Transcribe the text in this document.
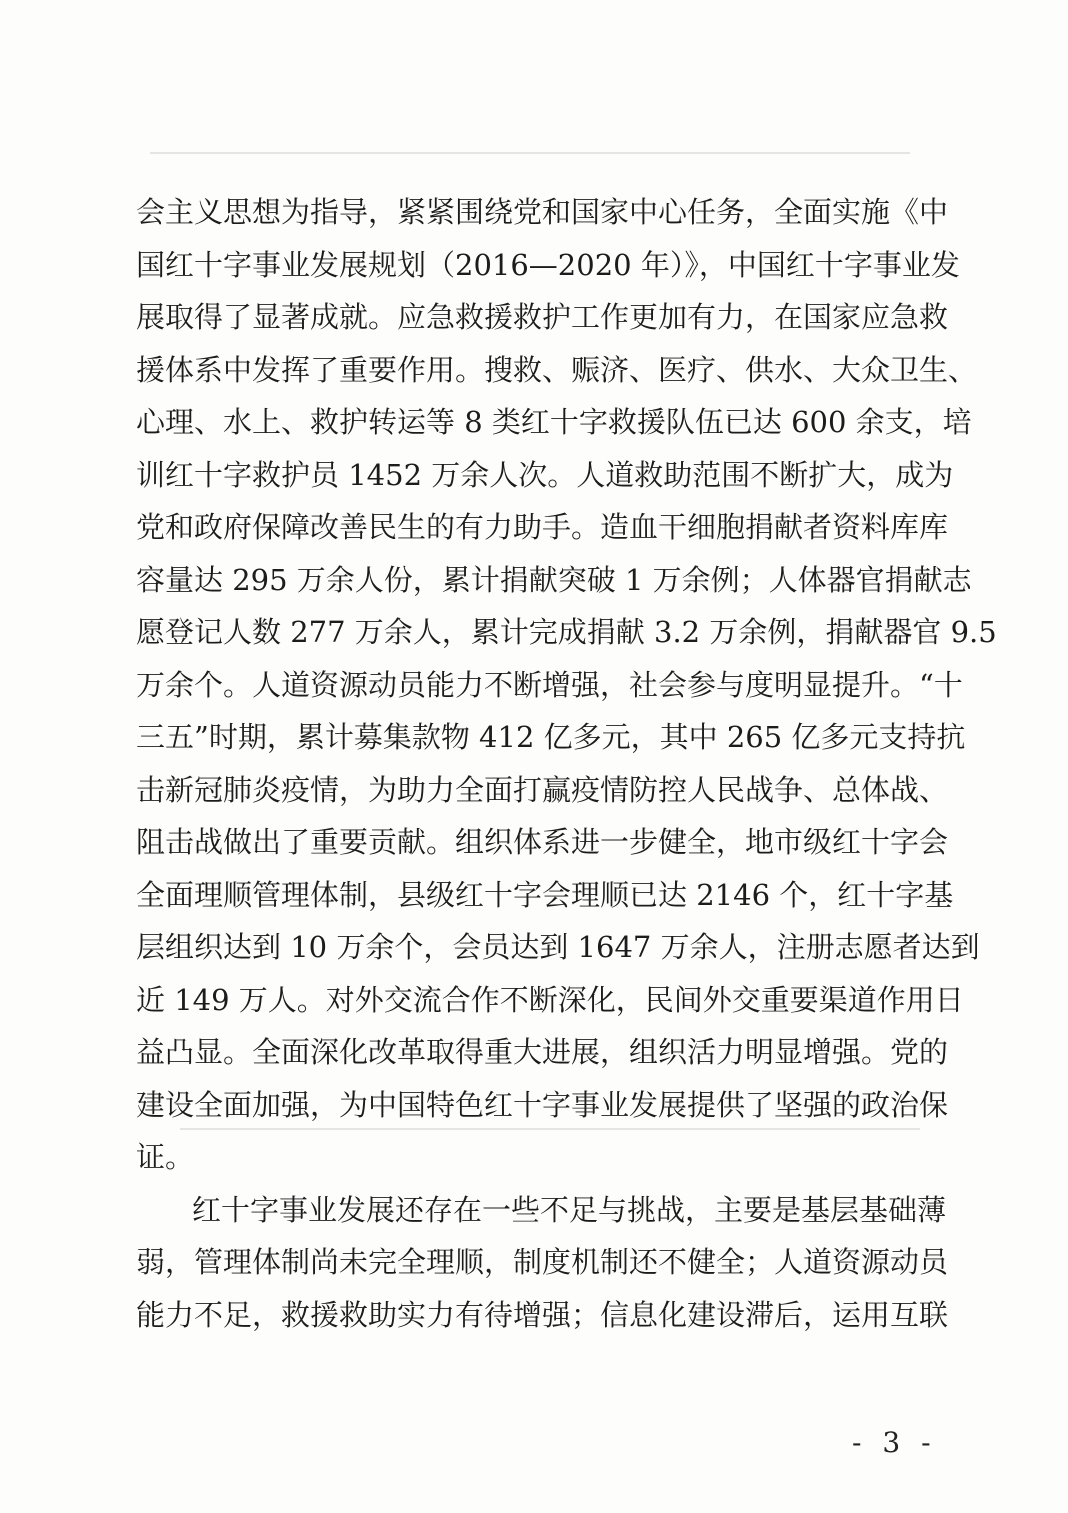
会主义思想为指导，紧紧围绕党和国家中心任务，全面实施《中
国红十字事业发展规划（2016—2020 年）》，中国红十字事业发
展取得了显著成就。应急救援救护工作更加有力，在国家应急救
援体系中发挥了重要作用。搜救、赈济、医疗、供水、大众卫生、
心理、水上、救护转运等 8 类红十字救援队伍已达 600 余支，培
训红十字救护员 1452 万余人次。人道救助范围不断扩大，成为
党和政府保障改善民生的有力助手。造血干细胞捐献者资料库库
容量达 295 万余人份，累计捐献突破 1 万余例；人体器官捐献志
愿登记人数 277 万余人，累计完成捐献 3.2 万余例，捐献器官 9.5
万余个。人道资源动员能力不断增强，社会参与度明显提升。“十
三五”时期，累计募集款物 412 亿多元，其中 265 亿多元支持抗
击新冠肺炎疫情，为助力全面打赢疫情防控人民战争、总体战、
阻击战做出了重要贡献。组织体系进一步健全，地市级红十字会
全面理顺管理体制，县级红十字会理顺已达 2146 个，红十字基
层组织达到 10 万余个，会员达到 1647 万余人，注册志愿者达到
近 149 万人。对外交流合作不断深化，民间外交重要渠道作用日
益凸显。全面深化改革取得重大进展，组织活力明显增强。党的
建设全面加强，为中国特色红十字事业发展提供了坚强的政治保
证。
红十字事业发展还存在一些不足与挑战，主要是基层基础薄
弱，管理体制尚未完全理顺，制度机制还不健全；人道资源动员
能力不足，救援救助实力有待增强；信息化建设滞后，运用互联
- 3 -
